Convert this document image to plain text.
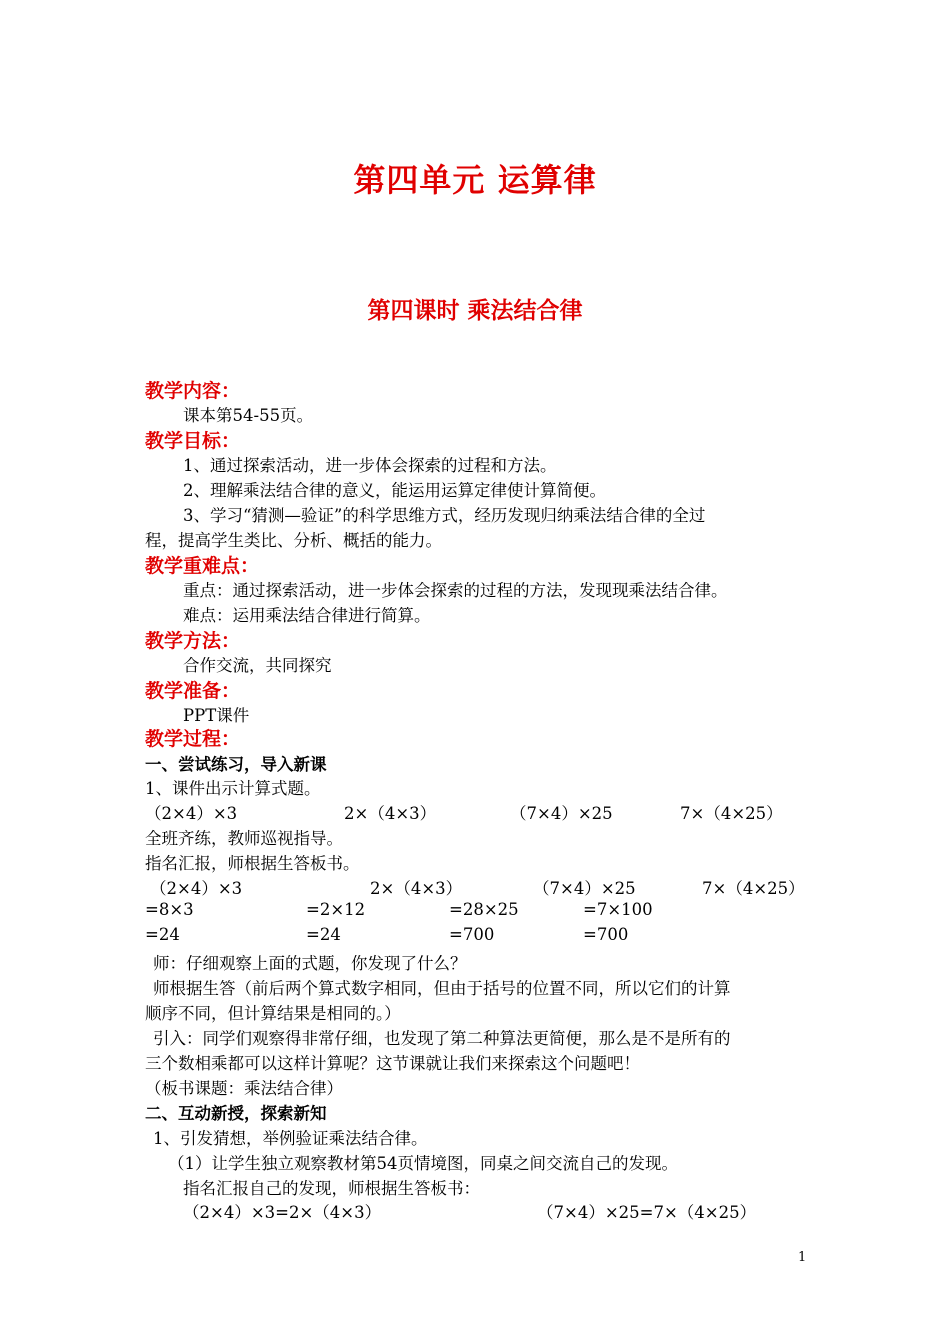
第四单元 运算律
第四课时 乘法结合律
教学内容：
课本第54-55页。
教学目标：
1、通过探索活动，进一步体会探索的过程和方法。
2、理解乘法结合律的意义，能运用运算定律使计算简便。
3、学习“猜测—验证”的科学思维方式，经历发现归纳乘法结合律的全过
程，提高学生类比、分析、概括的能力。
教学重难点：
重点：通过探索活动，进一步体会探索的过程的方法，发现现乘法结合律。
难点：运用乘法结合律进行简算。
教学方法：
合作交流，共同探究
教学准备：
PPT课件
教学过程：
一、尝试练习，导入新课
1、课件出示计算式题。
（2×4）×3	2×（4×3）	（7×4）×25	7×（4×25）
全班齐练，教师巡视指导。
指名汇报，师根据生答板书。
（2×4）×3	2×（4×3）	（7×4）×25	7×（4×25）
=8×3	=2×12	=28×25	=7×100
=24	=24	=700	=700
师：仔细观察上面的式题，你发现了什么？
师根据生答（前后两个算式数字相同，但由于括号的位置不同，所以它们的计算
顺序不同，但计算结果是相同的。）
引入：同学们观察得非常仔细，也发现了第二种算法更简便，那么是不是所有的
三个数相乘都可以这样计算呢？这节课就让我们来探索这个问题吧！
（板书课题：乘法结合律）
二、互动新授，探索新知
1、引发猜想，举例验证乘法结合律。
（1）让学生独立观察教材第54页情境图，同桌之间交流自己的发现。
指名汇报自己的发现，师根据生答板书：
（2×4）×3=2×（4×3）	（7×4）×25=7×（4×25）
1
